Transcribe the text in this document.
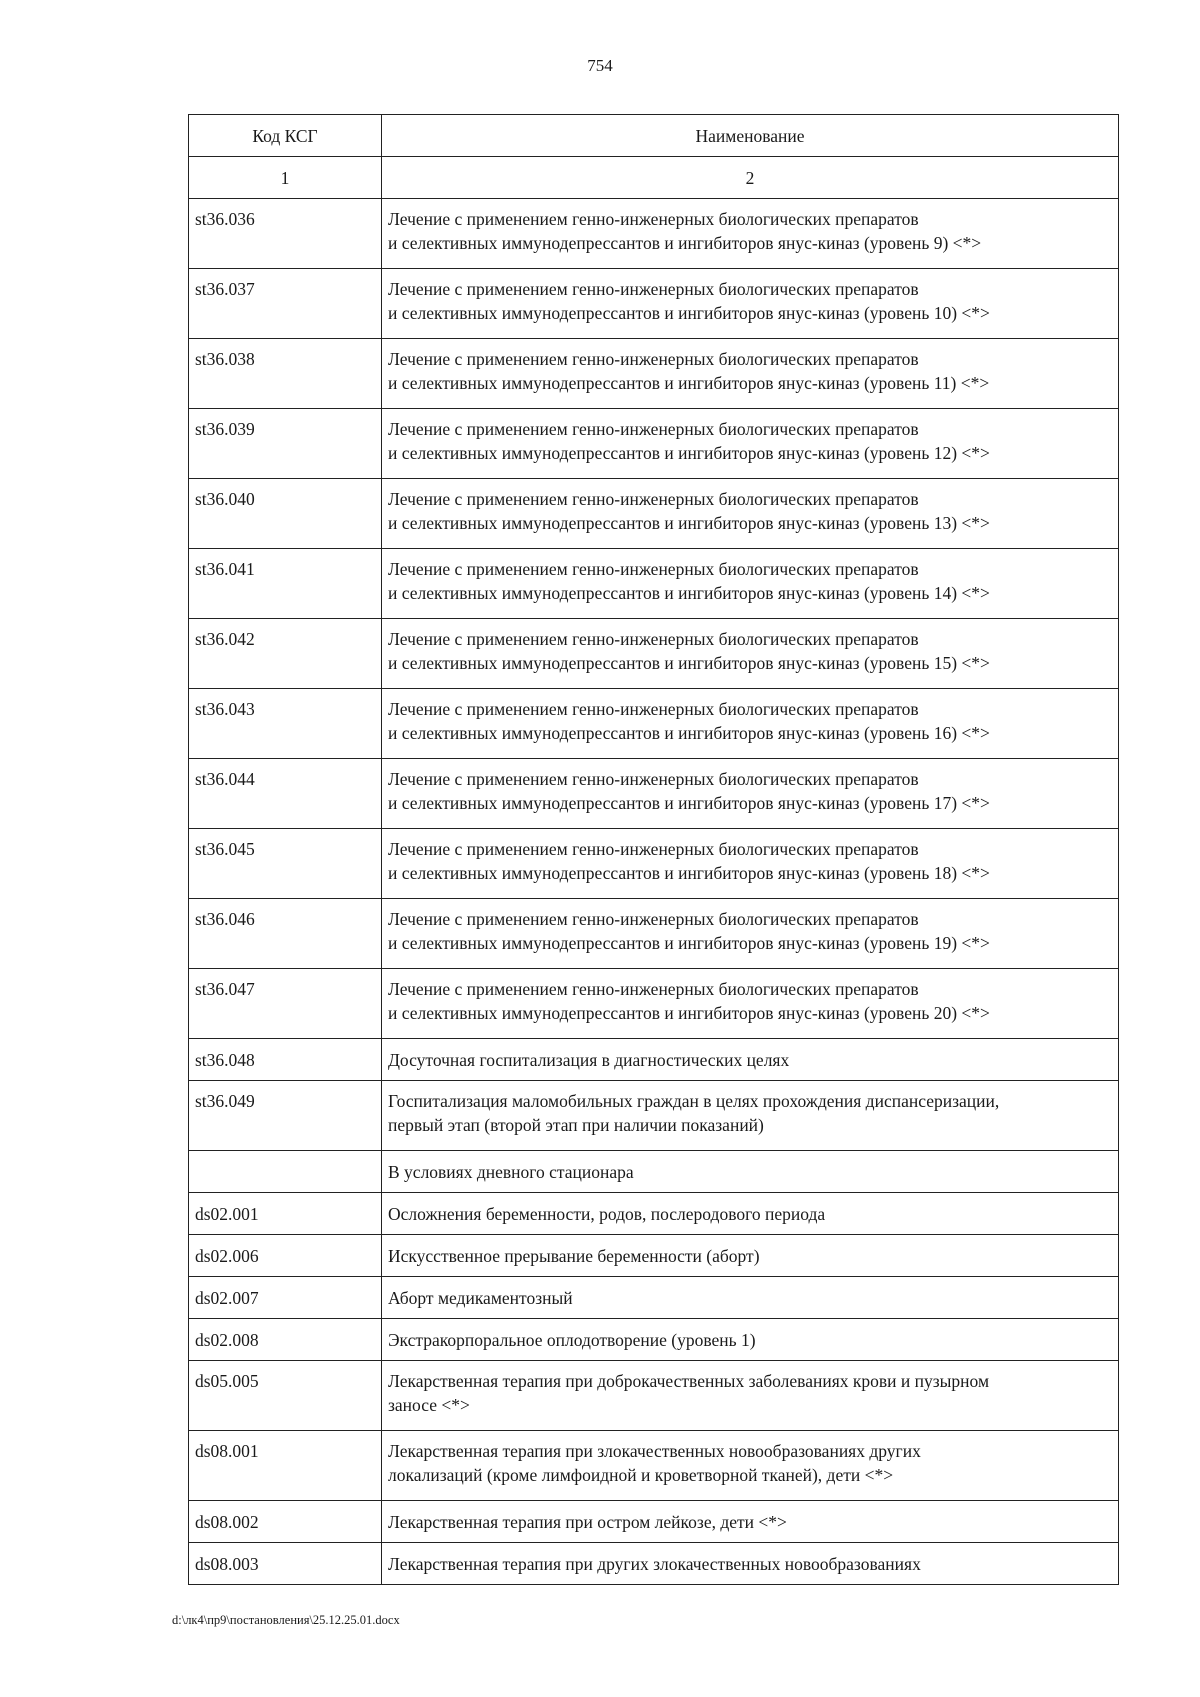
754
Код КСГ	Наименование
1	2
st36.036	Лечение с применением генно-инженерных биологических препаратов
и селективных иммунодепрессантов и ингибиторов янус-киназ (уровень 9) <*>
st36.037	Лечение с применением генно-инженерных биологических препаратов
и селективных иммунодепрессантов и ингибиторов янус-киназ (уровень 10) <*>
st36.038	Лечение с применением генно-инженерных биологических препаратов
и селективных иммунодепрессантов и ингибиторов янус-киназ (уровень 11) <*>
st36.039	Лечение с применением генно-инженерных биологических препаратов
и селективных иммунодепрессантов и ингибиторов янус-киназ (уровень 12) <*>
st36.040	Лечение с применением генно-инженерных биологических препаратов
и селективных иммунодепрессантов и ингибиторов янус-киназ (уровень 13) <*>
st36.041	Лечение с применением генно-инженерных биологических препаратов
и селективных иммунодепрессантов и ингибиторов янус-киназ (уровень 14) <*>
st36.042	Лечение с применением генно-инженерных биологических препаратов
и селективных иммунодепрессантов и ингибиторов янус-киназ (уровень 15) <*>
st36.043	Лечение с применением генно-инженерных биологических препаратов
и селективных иммунодепрессантов и ингибиторов янус-киназ (уровень 16) <*>
st36.044	Лечение с применением генно-инженерных биологических препаратов
и селективных иммунодепрессантов и ингибиторов янус-киназ (уровень 17) <*>
st36.045	Лечение с применением генно-инженерных биологических препаратов
и селективных иммунодепрессантов и ингибиторов янус-киназ (уровень 18) <*>
st36.046	Лечение с применением генно-инженерных биологических препаратов
и селективных иммунодепрессантов и ингибиторов янус-киназ (уровень 19) <*>
st36.047	Лечение с применением генно-инженерных биологических препаратов
и селективных иммунодепрессантов и ингибиторов янус-киназ (уровень 20) <*>
st36.048	Досуточная госпитализация в диагностических целях
st36.049	Госпитализация маломобильных граждан в целях прохождения диспансеризации,
первый этап (второй этап при наличии показаний)
	В условиях дневного стационара
ds02.001	Осложнения беременности, родов, послеродового периода
ds02.006	Искусственное прерывание беременности (аборт)
ds02.007	Аборт медикаментозный
ds02.008	Экстракорпоральное оплодотворение (уровень 1)
ds05.005	Лекарственная терапия при доброкачественных заболеваниях крови и пузырном
заносе <*>
ds08.001	Лекарственная терапия при злокачественных новообразованиях других
локализаций (кроме лимфоидной и кроветворной тканей), дети <*>
ds08.002	Лекарственная терапия при остром лейкозе, дети <*>
ds08.003	Лекарственная терапия при других злокачественных новообразованиях
d:\лк4\пр9\постановления\25.12.25.01.docx
